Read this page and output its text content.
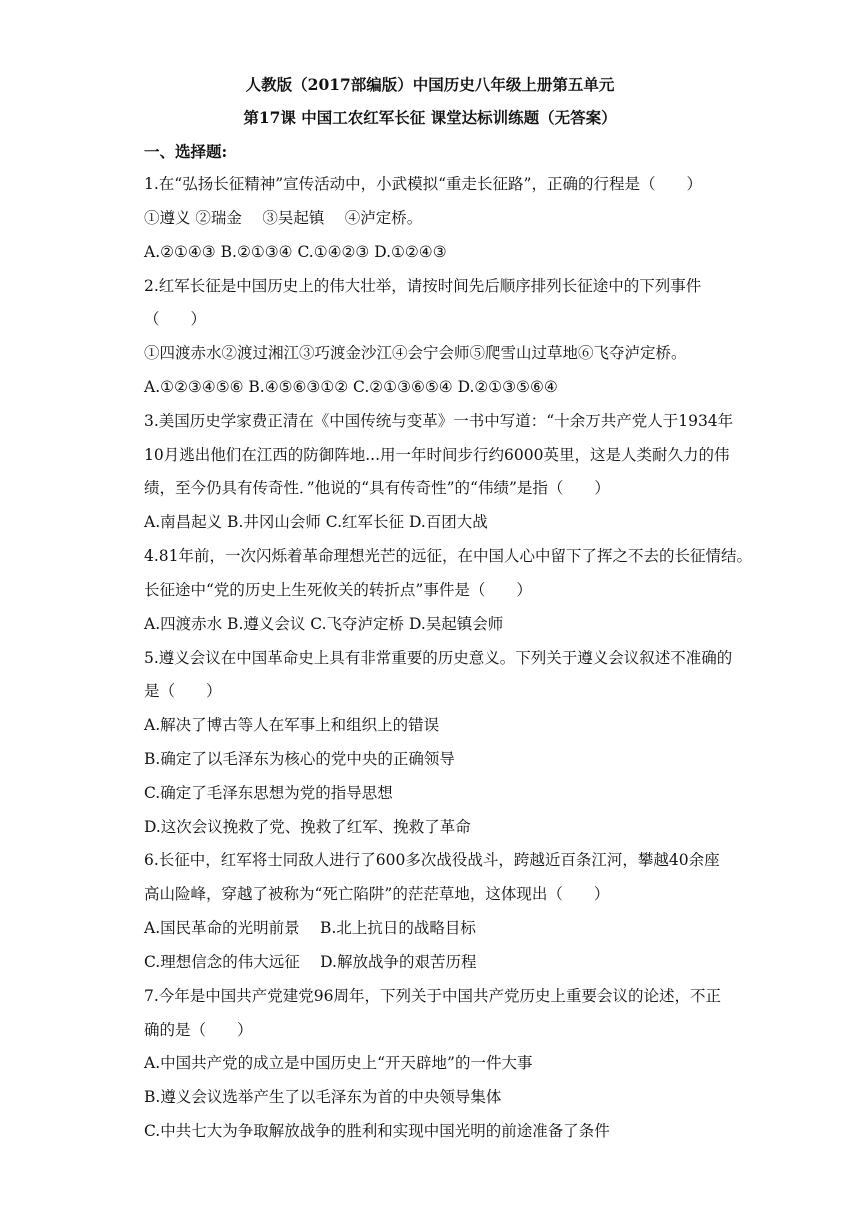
人教版（2017部编版）中国历史八年级上册第五单元
第17课 中国工农红军长征 课堂达标训练题（无答案）
一、选择题:
1.在“弘扬长征精神”宣传活动中，小武模拟“重走长征路”，正确的行程是（　　）
①遵义 ②瑞金　 ③吴起镇　 ④泸定桥。
A.②①④③ B.②①③④ C.①④②③ D.①②④③
2.红军长征是中国历史上的伟大壮举，请按时间先后顺序排列长征途中的下列事件
（　　）
①四渡赤水②渡过湘江③巧渡金沙江④会宁会师⑤爬雪山过草地⑥飞夺泸定桥。
A.①②③④⑤⑥ B.④⑤⑥③①② C.②①③⑥⑤④ D.②①③⑤⑥④
3.美国历史学家费正清在《中国传统与变革》一书中写道：“十余万共产党人于1934年
10月逃出他们在江西的防御阵地...用一年时间步行约6000英里，这是人类耐久力的伟
绩，至今仍具有传奇性．”他说的“具有传奇性”的“伟绩”是指（　　）
A.南昌起义 B.井冈山会师 C.红军长征 D.百团大战
4.81年前，一次闪烁着革命理想光芒的远征，在中国人心中留下了挥之不去的长征情结。
长征途中“党的历史上生死攸关的转折点”事件是（　　）
A.四渡赤水 B.遵义会议 C.飞夺泸定桥 D.吴起镇会师
5.遵义会议在中国革命史上具有非常重要的历史意义。下列关于遵义会议叙述不准确的
是（　　）
A.解决了博古等人在军事上和组织上的错误
B.确定了以毛泽东为核心的党中央的正确领导
C.确定了毛泽东思想为党的指导思想
D.这次会议挽救了党、挽救了红军、挽救了革命
6.长征中，红军将士同敌人进行了600多次战役战斗，跨越近百条江河，攀越40余座
高山险峰，穿越了被称为“死亡陷阱”的茫茫草地，这体现出（　　）
A.国民革命的光明前景　 B.北上抗日的战略目标
C.理想信念的伟大远征　 D.解放战争的艰苦历程
7.今年是中国共产党建党96周年，下列关于中国共产党历史上重要会议的论述，不正
确的是（　　）
A.中国共产党的成立是中国历史上“开天辟地”的一件大事
B.遵义会议选举产生了以毛泽东为首的中央领导集体
C.中共七大为争取解放战争的胜利和实现中国光明的前途准备了条件
